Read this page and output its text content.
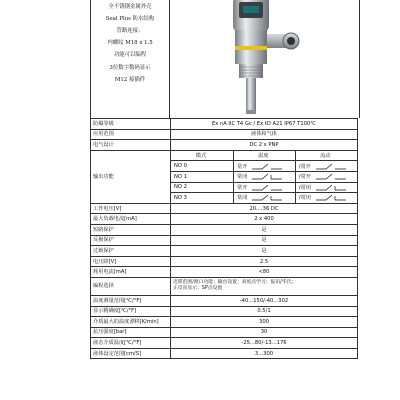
全不锈钢金属外壳
Seal Plus 防水结构
管路连接：
内螺纹 M18 x 1.5
功能可以编程
3位数字数码显示
M12 接插件
防爆等级	Ex nA IIC T4 Gc / Ex tD A21 IP67 T100℃
应用范围	液体和气体
电气设计	DC 2 x PNP
输出功能	
模式	温度	流动
NO 0	常开	/常开
NO 1	常闭	/常开
NO 2	常开	/常闭
NO 3	常闭	/常闭

工作电压[V]	20....36 DC
最大负载电流[mA]	2 x 400
短路保护	是
反极保护	是
过载保护	是
电压降[V]	2.5
耗用电流[mA]	<80
编程选择	
迟滞范围/窗口功能；输出设置；高低点学习；报讯/华氏；
正反向显示；SP点设置

温度测量范围[℃/°F]	-40...150/-40...302
显示精确度[℃/°F]	0.5/1
介质最大的温度漂移[K/min]	300
抗压强度[bar]	30
液态介质温度[℃/°F]	-25...80/-13...176
液体设定范围[cm/S]	3...300
